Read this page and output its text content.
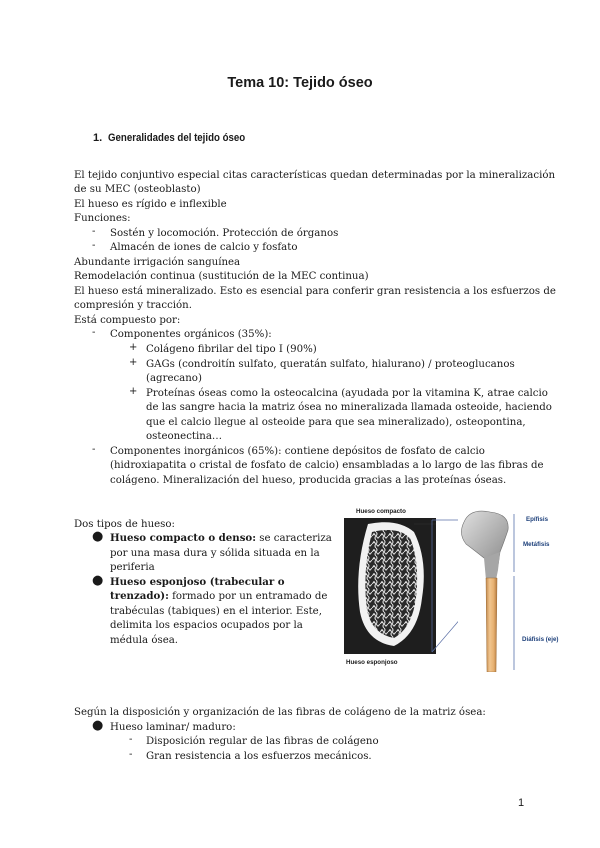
Tema 10: Tejido óseo
1. Generalidades del tejido óseo
El tejido conjuntivo especial citas características quedan determinadas por la mineralización
de su MEC (osteoblasto)
El hueso es rígido e inflexible
Funciones:
- Sostén y locomoción. Protección de órganos
- Almacén de iones de calcio y fosfato
Abundante irrigación sanguínea
Remodelación continua (sustitución de la MEC continua)
El hueso está mineralizado. Esto es esencial para conferir gran resistencia a los esfuerzos de
compresión y tracción.
Está compuesto por:
- Componentes orgánicos (35%):
+ Colágeno fibrilar del tipo I (90%)
+ GAGs (condroitín sulfato, queratán sulfato, hialurano) / proteoglucanos
(agrecano)
+ Proteínas óseas como la osteocalcina (ayudada por la vitamina K, atrae calcio
de las sangre hacia la matriz ósea no mineralizada llamada osteoide, haciendo
que el calcio llegue al osteoide para que sea mineralizado), osteopontina,
osteonectina…
- Componentes inorgánicos (65%): contiene depósitos de fosfato de calcio
(hidroxiapatita o cristal de fosfato de calcio) ensambladas a lo largo de las fibras de
colágeno. Mineralización del hueso, producida gracias a las proteínas óseas.
Dos tipos de hueso:
● Hueso compacto o denso: se caracteriza
por una masa dura y sólida situada en la
periferia
● Hueso esponjoso (trabecular o
trenzado): formado por un entramado de
trabéculas (tabiques) en el interior. Este,
delimita los espacios ocupados por la
médula ósea.
Hueso compacto
Hueso esponjoso
Epífisis
Metáfisis
Diáfisis (eje)
Según la disposición y organización de las fibras de colágeno de la matriz ósea:
● Hueso laminar/ maduro:
- Disposición regular de las fibras de colágeno
- Gran resistencia a los esfuerzos mecánicos.
1
